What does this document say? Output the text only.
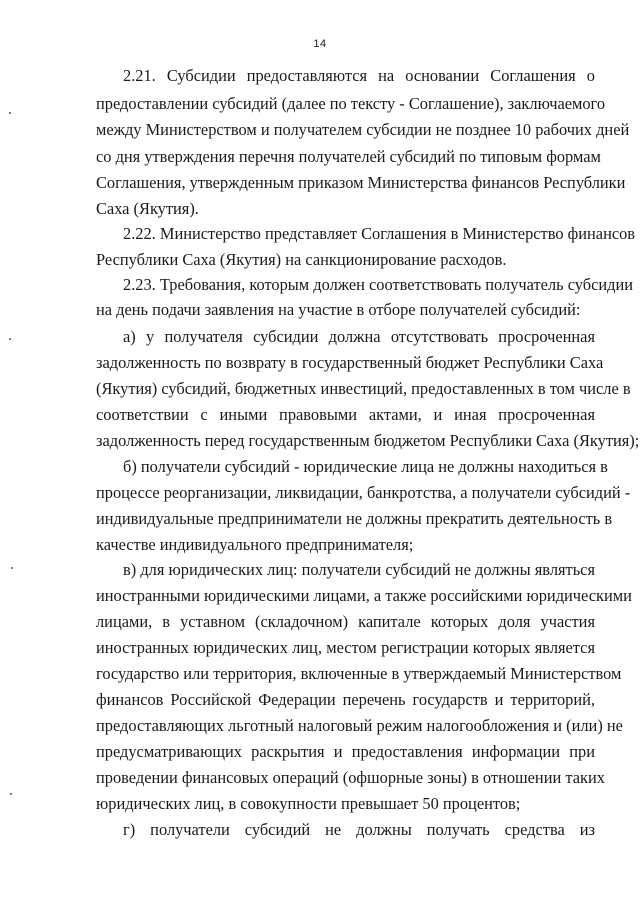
14
2.21. Субсидии предоставляются на основании Соглашения о
предоставлении субсидий (далее по тексту - Соглашение), заключаемого
между Министерством и получателем субсидии не позднее 10 рабочих дней
со дня утверждения перечня получателей субсидий по типовым формам
Соглашения, утвержденным приказом Министерства финансов Республики
Саха (Якутия).
2.22. Министерство представляет Соглашения в Министерство финансов
Республики Саха (Якутия) на санкционирование расходов.
2.23. Требования, которым должен соответствовать получатель субсидии
на день подачи заявления на участие в отборе получателей субсидий:
а) у получателя субсидии должна отсутствовать просроченная
задолженность по возврату в государственный бюджет Республики Саха
(Якутия) субсидий, бюджетных инвестиций, предоставленных в том числе в
соответствии с иными правовыми актами, и иная просроченная
задолженность перед государственным бюджетом Республики Саха (Якутия);
б) получатели субсидий - юридические лица не должны находиться в
процессе реорганизации, ликвидации, банкротства, а получатели субсидий -
индивидуальные предприниматели не должны прекратить деятельность в
качестве индивидуального предпринимателя;
в) для юридических лиц: получатели субсидий не должны являться
иностранными юридическими лицами, а также российскими юридическими
лицами, в уставном (складочном) капитале которых доля участия
иностранных юридических лиц, местом регистрации которых является
государство или территория, включенные в утверждаемый Министерством
финансов Российской Федерации перечень государств и территорий,
предоставляющих льготный налоговый режим налогообложения и (или) не
предусматривающих раскрытия и предоставления информации при
проведении финансовых операций (офшорные зоны) в отношении таких
юридических лиц, в совокупности превышает 50 процентов;
г) получатели субсидий не должны получать средства из
